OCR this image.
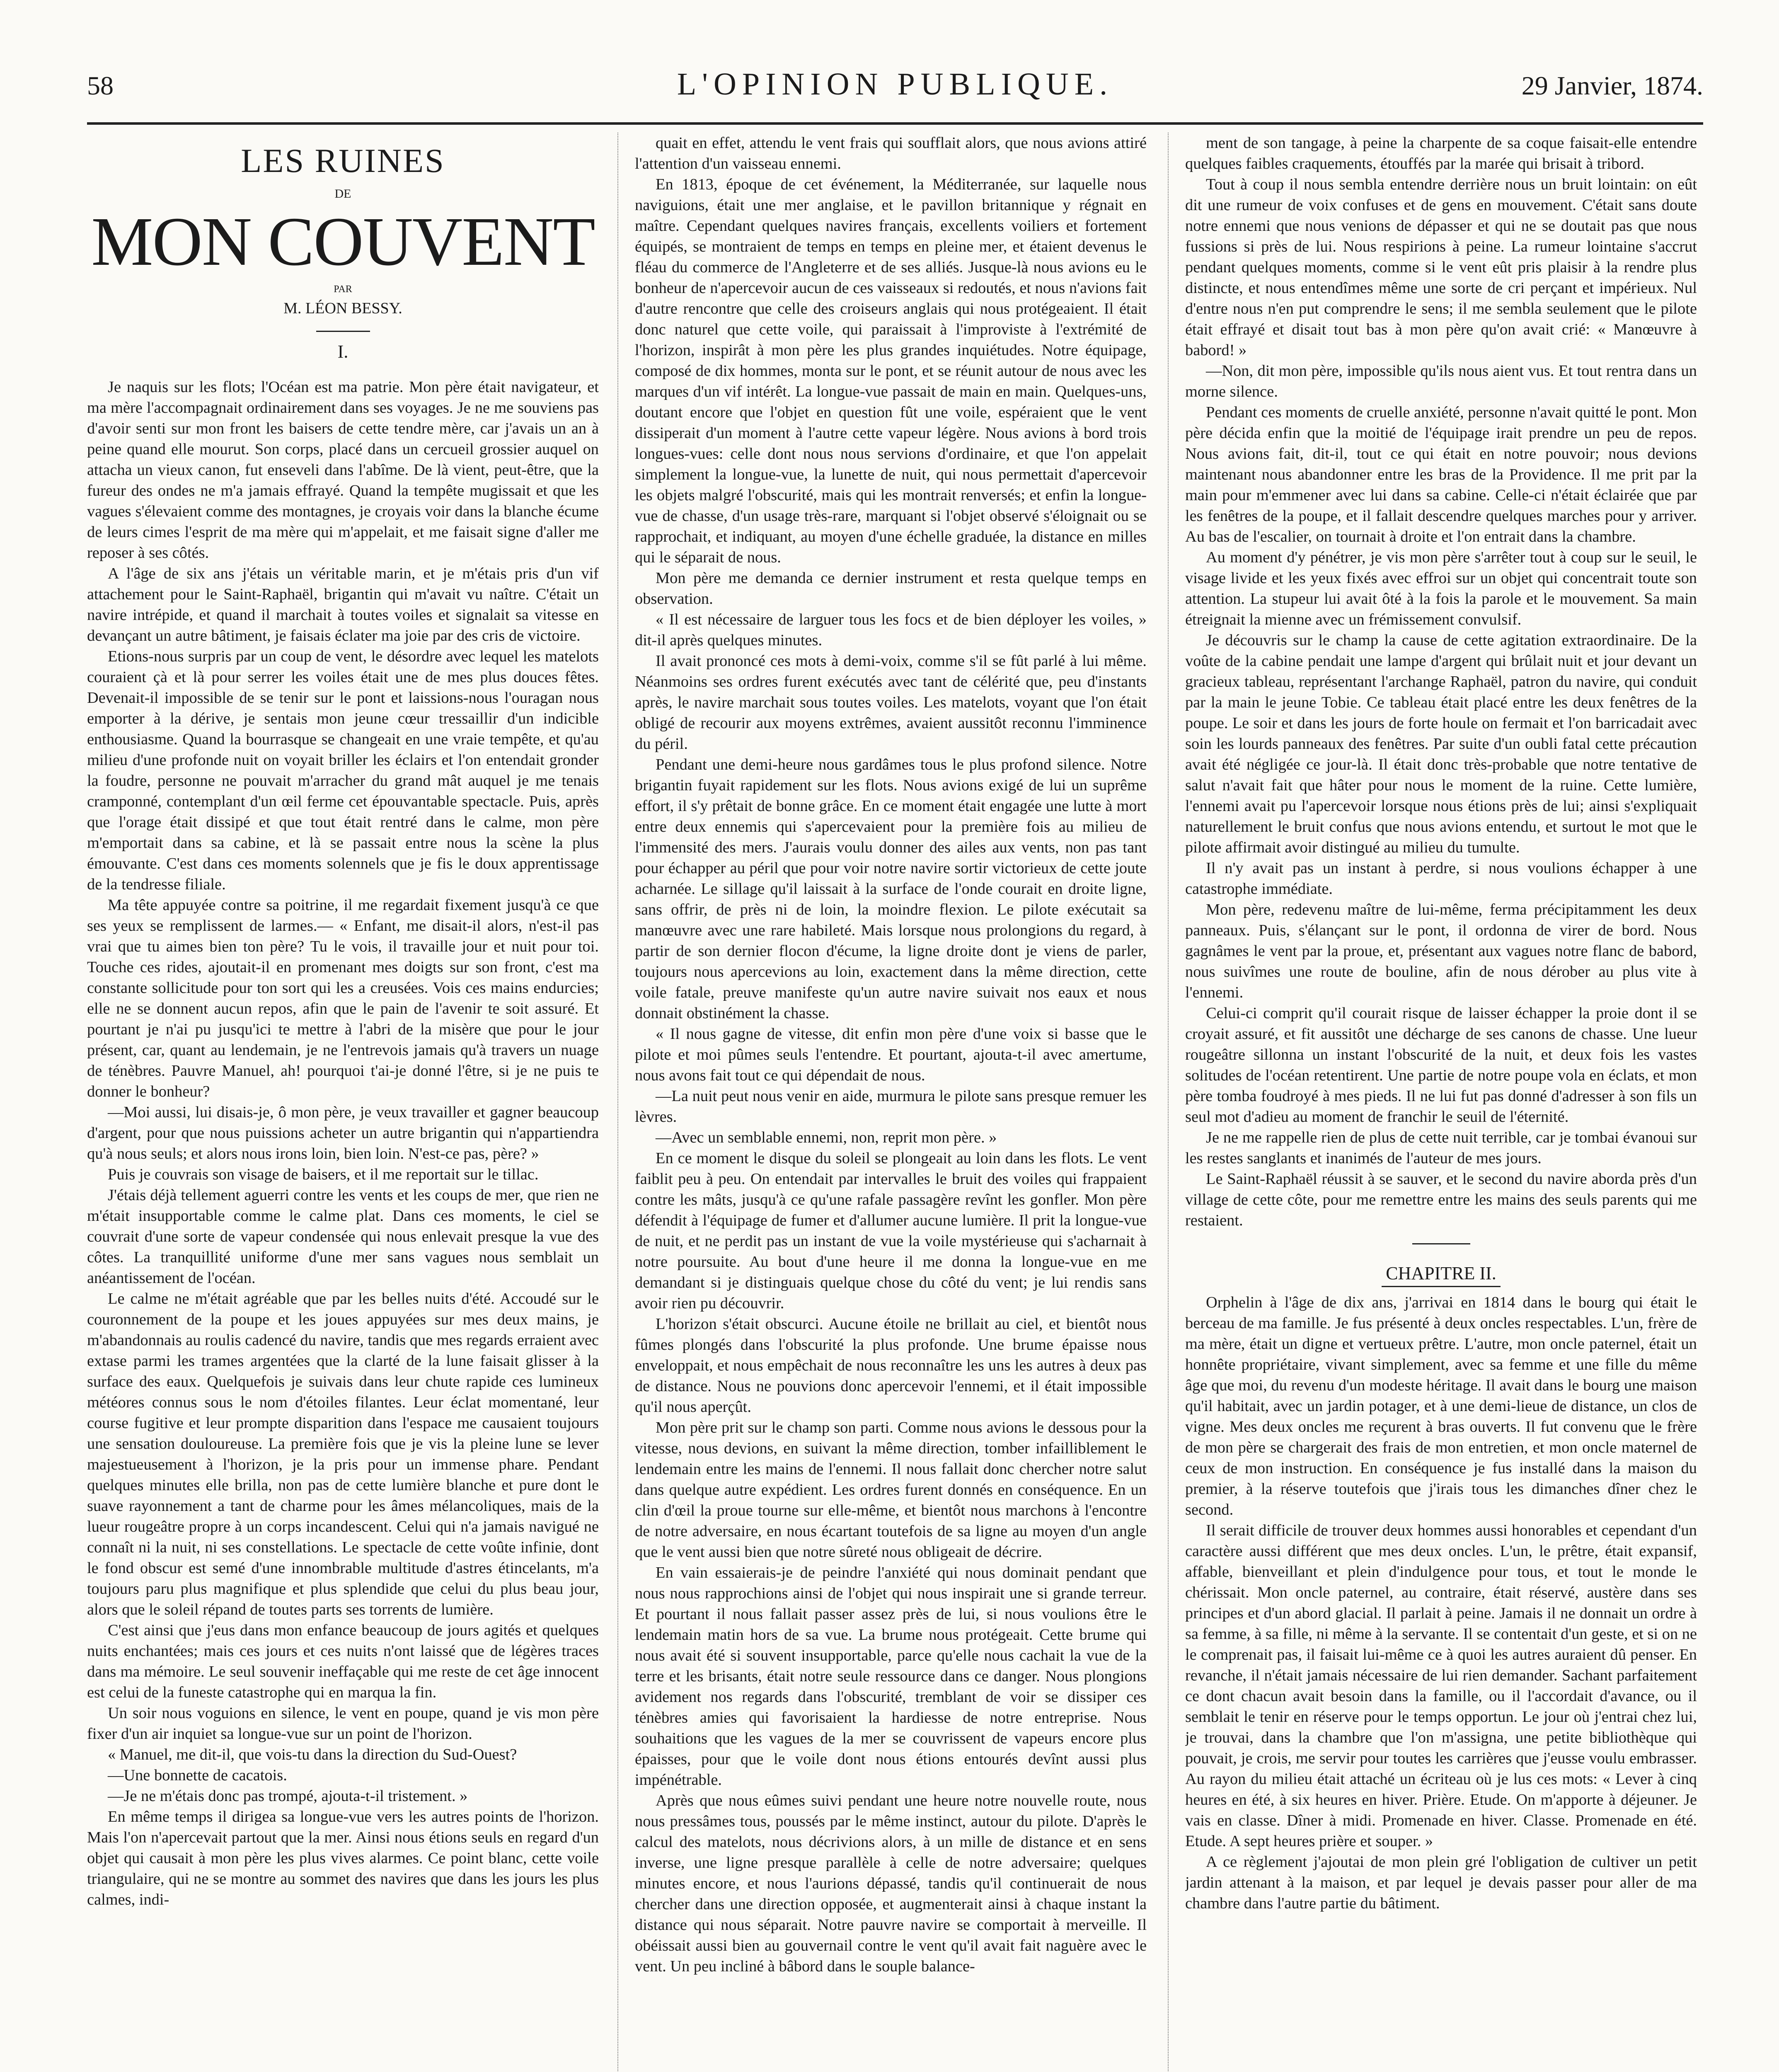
58	L'OPINION PUBLIQUE.	29 Janvier, 1874.
LES RUINES
DE
MON COUVENT
PAR
M. LÉON BESSY.
I.

Je naquis sur les flots; l'Océan est ma patrie. Mon père était navigateur, et ma mère l'accompagnait ordinairement dans ses voyages. Je ne me souviens pas d'avoir senti sur mon front les baisers de cette tendre mère, car j'avais un an à peine quand elle mourut. Son corps, placé dans un cercueil grossier auquel on attacha un vieux canon, fut enseveli dans l'abîme. De là vient, peut-être, que la fureur des ondes ne m'a jamais effrayé. Quand la tempête mugissait et que les vagues s'élevaient comme des montagnes, je croyais voir dans la blanche écume de leurs cimes l'esprit de ma mère qui m'appelait, et me faisait signe d'aller me reposer à ses côtés.

A l'âge de six ans j'étais un véritable marin, et je m'étais pris d'un vif attachement pour le Saint-Raphaël, brigantin qui m'avait vu naître. C'était un navire intrépide, et quand il marchait à toutes voiles et signalait sa vitesse en devançant un autre bâtiment, je faisais éclater ma joie par des cris de victoire.

Etions-nous surpris par un coup de vent, le désordre avec lequel les matelots couraient çà et là pour serrer les voiles était une de mes plus douces fêtes. Devenait-il impossible de se tenir sur le pont et laissions-nous l'ouragan nous emporter à la dérive, je sentais mon jeune cœur tressaillir d'un indicible enthousiasme. Quand la bourrasque se changeait en une vraie tempête, et qu'au milieu d'une profonde nuit on voyait briller les éclairs et l'on entendait gronder la foudre, personne ne pouvait m'arracher du grand mât auquel je me tenais cramponné, contemplant d'un œil ferme cet épouvantable spectacle. Puis, après que l'orage était dissipé et que tout était rentré dans le calme, mon père m'emportait dans sa cabine, et là se passait entre nous la scène la plus émouvante. C'est dans ces moments solennels que je fis le doux apprentissage de la tendresse filiale.

Ma tête appuyée contre sa poitrine, il me regardait fixement jusqu'à ce que ses yeux se remplissent de larmes.— « Enfant, me disait-il alors, n'est-il pas vrai que tu aimes bien ton père? Tu le vois, il travaille jour et nuit pour toi. Touche ces rides, ajoutait-il en promenant mes doigts sur son front, c'est ma constante sollicitude pour ton sort qui les a creusées. Vois ces mains endurcies; elle ne se donnent aucun repos, afin que le pain de l'avenir te soit assuré. Et pourtant je n'ai pu jusqu'ici te mettre à l'abri de la misère que pour le jour présent, car, quant au lendemain, je ne l'entrevois jamais qu'à travers un nuage de ténèbres. Pauvre Manuel, ah! pourquoi t'ai-je donné l'être, si je ne puis te donner le bonheur?

—Moi aussi, lui disais-je, ô mon père, je veux travailler et gagner beaucoup d'argent, pour que nous puissions acheter un autre brigantin qui n'appartiendra qu'à nous seuls; et alors nous irons loin, bien loin. N'est-ce pas, père? »

Puis je couvrais son visage de baisers, et il me reportait sur le tillac.

J'étais déjà tellement aguerri contre les vents et les coups de mer, que rien ne m'était insupportable comme le calme plat. Dans ces moments, le ciel se couvrait d'une sorte de vapeur condensée qui nous enlevait presque la vue des côtes. La tranquillité uniforme d'une mer sans vagues nous semblait un anéantissement de l'océan.

Le calme ne m'était agréable que par les belles nuits d'été. Accoudé sur le couronnement de la poupe et les joues appuyées sur mes deux mains, je m'abandonnais au roulis cadencé du navire, tandis que mes regards erraient avec extase parmi les trames argentées que la clarté de la lune faisait glisser à la surface des eaux. Quelquefois je suivais dans leur chute rapide ces lumineux météores connus sous le nom d'étoiles filantes. Leur éclat momentané, leur course fugitive et leur prompte disparition dans l'espace me causaient toujours une sensation douloureuse. La première fois que je vis la pleine lune se lever majestueusement à l'horizon, je la pris pour un immense phare. Pendant quelques minutes elle brilla, non pas de cette lumière blanche et pure dont le suave rayonnement a tant de charme pour les âmes mélancoliques, mais de la lueur rougeâtre propre à un corps incandescent. Celui qui n'a jamais navigué ne connaît ni la nuit, ni ses constellations. Le spectacle de cette voûte infinie, dont le fond obscur est semé d'une innombrable multitude d'astres étincelants, m'a toujours paru plus magnifique et plus splendide que celui du plus beau jour, alors que le soleil répand de toutes parts ses torrents de lumière.

C'est ainsi que j'eus dans mon enfance beaucoup de jours agités et quelques nuits enchantées; mais ces jours et ces nuits n'ont laissé que de légères traces dans ma mémoire. Le seul souvenir ineffaçable qui me reste de cet âge innocent est celui de la funeste catastrophe qui en marqua la fin.

Un soir nous voguions en silence, le vent en poupe, quand je vis mon père fixer d'un air inquiet sa longue-vue sur un point de l'horizon.

« Manuel, me dit-il, que vois-tu dans la direction du Sud-Ouest?

—Une bonnette de cacatois.

—Je ne m'étais donc pas trompé, ajouta-t-il tristement. »

En même temps il dirigea sa longue-vue vers les autres points de l'horizon. Mais l'on n'apercevait partout que la mer. Ainsi nous étions seuls en regard d'un objet qui causait à mon père les plus vives alarmes. Ce point blanc, cette voile triangulaire, qui ne se montre au sommet des navires que dans les jours les plus calmes, indi-

quait en effet, attendu le vent frais qui soufflait alors, que nous avions attiré l'attention d'un vaisseau ennemi.

En 1813, époque de cet événement, la Méditerranée, sur laquelle nous naviguions, était une mer anglaise, et le pavillon britannique y régnait en maître. Cependant quelques navires français, excellents voiliers et fortement équipés, se montraient de temps en temps en pleine mer, et étaient devenus le fléau du commerce de l'Angleterre et de ses alliés. Jusque-là nous avions eu le bonheur de n'apercevoir aucun de ces vaisseaux si redoutés, et nous n'avions fait d'autre rencontre que celle des croiseurs anglais qui nous protégeaient. Il était donc naturel que cette voile, qui paraissait à l'improviste à l'extrémité de l'horizon, inspirât à mon père les plus grandes inquiétudes. Notre équipage, composé de dix hommes, monta sur le pont, et se réunit autour de nous avec les marques d'un vif intérêt. La longue-vue passait de main en main. Quelques-uns, doutant encore que l'objet en question fût une voile, espéraient que le vent dissiperait d'un moment à l'autre cette vapeur légère. Nous avions à bord trois longues-vues: celle dont nous nous servions d'ordinaire, et que l'on appelait simplement la longue-vue, la lunette de nuit, qui nous permettait d'apercevoir les objets malgré l'obscurité, mais qui les montrait renversés; et enfin la longue-vue de chasse, d'un usage très-rare, marquant si l'objet observé s'éloignait ou se rapprochait, et indiquant, au moyen d'une échelle graduée, la distance en milles qui le séparait de nous.

Mon père me demanda ce dernier instrument et resta quelque temps en observation.

« Il est nécessaire de larguer tous les focs et de bien déployer les voiles, » dit-il après quelques minutes.

Il avait prononcé ces mots à demi-voix, comme s'il se fût parlé à lui même. Néanmoins ses ordres furent exécutés avec tant de célérité que, peu d'instants après, le navire marchait sous toutes voiles. Les matelots, voyant que l'on était obligé de recourir aux moyens extrêmes, avaient aussitôt reconnu l'imminence du péril.

Pendant une demi-heure nous gardâmes tous le plus profond silence. Notre brigantin fuyait rapidement sur les flots. Nous avions exigé de lui un suprême effort, il s'y prêtait de bonne grâce. En ce moment était engagée une lutte à mort entre deux ennemis qui s'apercevaient pour la première fois au milieu de l'immensité des mers. J'aurais voulu donner des ailes aux vents, non pas tant pour échapper au péril que pour voir notre navire sortir victorieux de cette joute acharnée. Le sillage qu'il laissait à la surface de l'onde courait en droite ligne, sans offrir, de près ni de loin, la moindre flexion. Le pilote exécutait sa manœuvre avec une rare habileté. Mais lorsque nous prolongions du regard, à partir de son dernier flocon d'écume, la ligne droite dont je viens de parler, toujours nous apercevions au loin, exactement dans la même direction, cette voile fatale, preuve manifeste qu'un autre navire suivait nos eaux et nous donnait obstinément la chasse.

« Il nous gagne de vitesse, dit enfin mon père d'une voix si basse que le pilote et moi pûmes seuls l'entendre. Et pourtant, ajouta-t-il avec amertume, nous avons fait tout ce qui dépendait de nous.

—La nuit peut nous venir en aide, murmura le pilote sans presque remuer les lèvres.

—Avec un semblable ennemi, non, reprit mon père. »

En ce moment le disque du soleil se plongeait au loin dans les flots. Le vent faiblit peu à peu. On entendait par intervalles le bruit des voiles qui frappaient contre les mâts, jusqu'à ce qu'une rafale passagère revînt les gonfler. Mon père défendit à l'équipage de fumer et d'allumer aucune lumière. Il prit la longue-vue de nuit, et ne perdit pas un instant de vue la voile mystérieuse qui s'acharnait à notre poursuite. Au bout d'une heure il me donna la longue-vue en me demandant si je distinguais quelque chose du côté du vent; je lui rendis sans avoir rien pu découvrir.

L'horizon s'était obscurci. Aucune étoile ne brillait au ciel, et bientôt nous fûmes plongés dans l'obscurité la plus profonde. Une brume épaisse nous enveloppait, et nous empêchait de nous reconnaître les uns les autres à deux pas de distance. Nous ne pouvions donc apercevoir l'ennemi, et il était impossible qu'il nous aperçût.

Mon père prit sur le champ son parti. Comme nous avions le dessous pour la vitesse, nous devions, en suivant la même direction, tomber infailliblement le lendemain entre les mains de l'ennemi. Il nous fallait donc chercher notre salut dans quelque autre expédient. Les ordres furent donnés en conséquence. En un clin d'œil la proue tourne sur elle-même, et bientôt nous marchons à l'encontre de notre adversaire, en nous écartant toutefois de sa ligne au moyen d'un angle que le vent aussi bien que notre sûreté nous obligeait de décrire.

En vain essaierais-je de peindre l'anxiété qui nous dominait pendant que nous nous rapprochions ainsi de l'objet qui nous inspirait une si grande terreur. Et pourtant il nous fallait passer assez près de lui, si nous voulions être le lendemain matin hors de sa vue. La brume nous protégeait. Cette brume qui nous avait été si souvent insupportable, parce qu'elle nous cachait la vue de la terre et les brisants, était notre seule ressource dans ce danger. Nous plongions avidement nos regards dans l'obscurité, tremblant de voir se dissiper ces ténèbres amies qui favorisaient la hardiesse de notre entreprise. Nous souhaitions que les vagues de la mer se couvrissent de vapeurs encore plus épaisses, pour que le voile dont nous étions entourés devînt aussi plus impénétrable.

Après que nous eûmes suivi pendant une heure notre nouvelle route, nous nous pressâmes tous, poussés par le même instinct, autour du pilote. D'après le calcul des matelots, nous décrivions alors, à un mille de distance et en sens inverse, une ligne presque parallèle à celle de notre adversaire; quelques minutes encore, et nous l'aurions dépassé, tandis qu'il continuerait de nous chercher dans une direction opposée, et augmenterait ainsi à chaque instant la distance qui nous séparait. Notre pauvre navire se comportait à merveille. Il obéissait aussi bien au gouvernail contre le vent qu'il avait fait naguère avec le vent. Un peu incliné à bâbord dans le souple balance-

ment de son tangage, à peine la charpente de sa coque faisait-elle entendre quelques faibles craquements, étouffés par la marée qui brisait à tribord.

Tout à coup il nous sembla entendre derrière nous un bruit lointain: on eût dit une rumeur de voix confuses et de gens en mouvement. C'était sans doute notre ennemi que nous venions de dépasser et qui ne se doutait pas que nous fussions si près de lui. Nous respirions à peine. La rumeur lointaine s'accrut pendant quelques moments, comme si le vent eût pris plaisir à la rendre plus distincte, et nous entendîmes même une sorte de cri perçant et impérieux. Nul d'entre nous n'en put comprendre le sens; il me sembla seulement que le pilote était effrayé et disait tout bas à mon père qu'on avait crié: « Manœuvre à babord! »

—Non, dit mon père, impossible qu'ils nous aient vus. Et tout rentra dans un morne silence.

Pendant ces moments de cruelle anxiété, personne n'avait quitté le pont. Mon père décida enfin que la moitié de l'équipage irait prendre un peu de repos. Nous avions fait, dit-il, tout ce qui était en notre pouvoir; nous devions maintenant nous abandonner entre les bras de la Providence. Il me prit par la main pour m'emmener avec lui dans sa cabine. Celle-ci n'était éclairée que par les fenêtres de la poupe, et il fallait descendre quelques marches pour y arriver. Au bas de l'escalier, on tournait à droite et l'on entrait dans la chambre.

Au moment d'y pénétrer, je vis mon père s'arrêter tout à coup sur le seuil, le visage livide et les yeux fixés avec effroi sur un objet qui concentrait toute son attention. La stupeur lui avait ôté à la fois la parole et le mouvement. Sa main étreignait la mienne avec un frémissement convulsif.

Je découvris sur le champ la cause de cette agitation extraordinaire. De la voûte de la cabine pendait une lampe d'argent qui brûlait nuit et jour devant un gracieux tableau, représentant l'archange Raphaël, patron du navire, qui conduit par la main le jeune Tobie. Ce tableau était placé entre les deux fenêtres de la poupe. Le soir et dans les jours de forte houle on fermait et l'on barricadait avec soin les lourds panneaux des fenêtres. Par suite d'un oubli fatal cette précaution avait été négligée ce jour-là. Il était donc très-probable que notre tentative de salut n'avait fait que hâter pour nous le moment de la ruine. Cette lumière, l'ennemi avait pu l'apercevoir lorsque nous étions près de lui; ainsi s'expliquait naturellement le bruit confus que nous avions entendu, et surtout le mot que le pilote affirmait avoir distingué au milieu du tumulte.

Il n'y avait pas un instant à perdre, si nous voulions échapper à une catastrophe immédiate.

Mon père, redevenu maître de lui-même, ferma précipitamment les deux panneaux. Puis, s'élançant sur le pont, il ordonna de virer de bord. Nous gagnâmes le vent par la proue, et, présentant aux vagues notre flanc de babord, nous suivîmes une route de bouline, afin de nous dérober au plus vite à l'ennemi.

Celui-ci comprit qu'il courait risque de laisser échapper la proie dont il se croyait assuré, et fit aussitôt une décharge de ses canons de chasse. Une lueur rougeâtre sillonna un instant l'obscurité de la nuit, et deux fois les vastes solitudes de l'océan retentirent. Une partie de notre poupe vola en éclats, et mon père tomba foudroyé à mes pieds. Il ne lui fut pas donné d'adresser à son fils un seul mot d'adieu au moment de franchir le seuil de l'éternité.

Je ne me rappelle rien de plus de cette nuit terrible, car je tombai évanoui sur les restes sanglants et inanimés de l'auteur de mes jours.

Le Saint-Raphaël réussit à se sauver, et le second du navire aborda près d'un village de cette côte, pour me remettre entre les mains des seuls parents qui me restaient.

CHAPITRE II.

Orphelin à l'âge de dix ans, j'arrivai en 1814 dans le bourg qui était le berceau de ma famille. Je fus présenté à deux oncles respectables. L'un, frère de ma mère, était un digne et vertueux prêtre. L'autre, mon oncle paternel, était un honnête propriétaire, vivant simplement, avec sa femme et une fille du même âge que moi, du revenu d'un modeste héritage. Il avait dans le bourg une maison qu'il habitait, avec un jardin potager, et à une demi-lieue de distance, un clos de vigne. Mes deux oncles me reçurent à bras ouverts. Il fut convenu que le frère de mon père se chargerait des frais de mon entretien, et mon oncle maternel de ceux de mon instruction. En conséquence je fus installé dans la maison du premier, à la réserve toutefois que j'irais tous les dimanches dîner chez le second.

Il serait difficile de trouver deux hommes aussi honorables et cependant d'un caractère aussi différent que mes deux oncles. L'un, le prêtre, était expansif, affable, bienveillant et plein d'indulgence pour tous, et tout le monde le chérissait. Mon oncle paternel, au contraire, était réservé, austère dans ses principes et d'un abord glacial. Il parlait à peine. Jamais il ne donnait un ordre à sa femme, à sa fille, ni même à la servante. Il se contentait d'un geste, et si on ne le comprenait pas, il faisait lui-même ce à quoi les autres auraient dû penser. En revanche, il n'était jamais nécessaire de lui rien demander. Sachant parfaitement ce dont chacun avait besoin dans la famille, ou il l'accordait d'avance, ou il semblait le tenir en réserve pour le temps opportun. Le jour où j'entrai chez lui, je trouvai, dans la chambre que l'on m'assigna, une petite bibliothèque qui pouvait, je crois, me servir pour toutes les carrières que j'eusse voulu embrasser. Au rayon du milieu était attaché un écriteau où je lus ces mots: « Lever à cinq heures en été, à six heures en hiver. Prière. Etude. On m'apporte à déjeuner. Je vais en classe. Dîner à midi. Promenade en hiver. Classe. Promenade en été. Etude. A sept heures prière et souper. »

A ce règlement j'ajoutai de mon plein gré l'obligation de cultiver un petit jardin attenant à la maison, et par lequel je devais passer pour aller de ma chambre dans l'autre partie du bâtiment.
